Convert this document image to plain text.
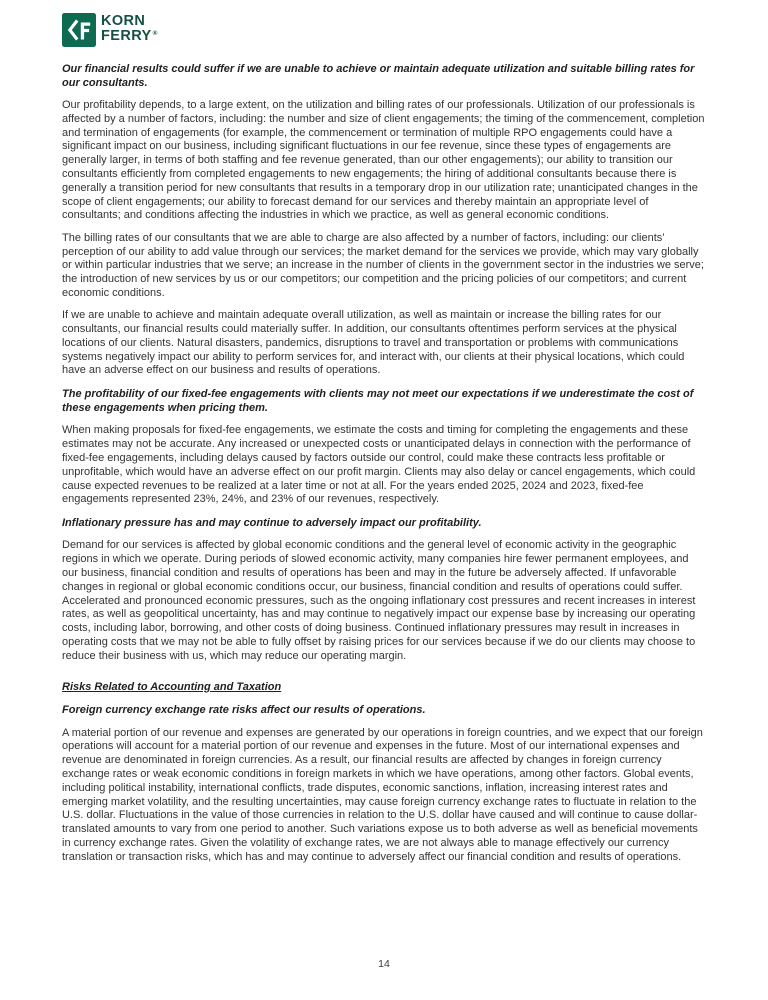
KORN
FERRY®

Our financial results could suffer if we are unable to achieve or maintain adequate utilization and suitable billing rates for our consultants.

Our profitability depends, to a large extent, on the utilization and billing rates of our professionals. Utilization of our professionals is affected by a number of factors, including: the number and size of client engagements; the timing of the commencement, completion and termination of engagements (for example, the commencement or termination of multiple RPO engagements could have a significant impact on our business, including significant fluctuations in our fee revenue, since these types of engagements are generally larger, in terms of both staffing and fee revenue generated, than our other engagements); our ability to transition our consultants efficiently from completed engagements to new engagements; the hiring of additional consultants because there is generally a transition period for new consultants that results in a temporary drop in our utilization rate; unanticipated changes in the scope of client engagements; our ability to forecast demand for our services and thereby maintain an appropriate level of consultants; and conditions affecting the industries in which we practice, as well as general economic conditions.

The billing rates of our consultants that we are able to charge are also affected by a number of factors, including: our clients’ perception of our ability to add value through our services; the market demand for the services we provide, which may vary globally or within particular industries that we serve; an increase in the number of clients in the government sector in the industries we serve; the introduction of new services by us or our competitors; our competition and the pricing policies of our competitors; and current economic conditions.

If we are unable to achieve and maintain adequate overall utilization, as well as maintain or increase the billing rates for our consultants, our financial results could materially suffer. In addition, our consultants oftentimes perform services at the physical locations of our clients. Natural disasters, pandemics, disruptions to travel and transportation or problems with communications systems negatively impact our ability to perform services for, and interact with, our clients at their physical locations, which could have an adverse effect on our business and results of operations.

The profitability of our fixed-fee engagements with clients may not meet our expectations if we underestimate the cost of these engagements when pricing them.

When making proposals for fixed-fee engagements, we estimate the costs and timing for completing the engagements and these estimates may not be accurate. Any increased or unexpected costs or unanticipated delays in connection with the performance of fixed-fee engagements, including delays caused by factors outside our control, could make these contracts less profitable or unprofitable, which would have an adverse effect on our profit margin. Clients may also delay or cancel engagements, which could cause expected revenues to be realized at a later time or not at all. For the years ended 2025, 2024 and 2023, fixed-fee engagements represented 23%, 24%, and 23% of our revenues, respectively.

Inflationary pressure has and may continue to adversely impact our profitability.

Demand for our services is affected by global economic conditions and the general level of economic activity in the geographic regions in which we operate. During periods of slowed economic activity, many companies hire fewer permanent employees, and our business, financial condition and results of operations has been and may in the future be adversely affected. If unfavorable changes in regional or global economic conditions occur, our business, financial condition and results of operations could suffer. Accelerated and pronounced economic pressures, such as the ongoing inflationary cost pressures and recent increases in interest rates, as well as geopolitical uncertainty, has and may continue to negatively impact our expense base by increasing our operating costs, including labor, borrowing, and other costs of doing business. Continued inflationary pressures may result in increases in operating costs that we may not be able to fully offset by raising prices for our services because if we do our clients may choose to reduce their business with us, which may reduce our operating margin.

Risks Related to Accounting and Taxation

Foreign currency exchange rate risks affect our results of operations.

A material portion of our revenue and expenses are generated by our operations in foreign countries, and we expect that our foreign operations will account for a material portion of our revenue and expenses in the future. Most of our international expenses and revenue are denominated in foreign currencies. As a result, our financial results are affected by changes in foreign currency exchange rates or weak economic conditions in foreign markets in which we have operations, among other factors. Global events, including political instability, international conflicts, trade disputes, economic sanctions, inflation, increasing interest rates and emerging market volatility, and the resulting uncertainties, may cause foreign currency exchange rates to fluctuate in relation to the U.S. dollar. Fluctuations in the value of those currencies in relation to the U.S. dollar have caused and will continue to cause dollar-translated amounts to vary from one period to another. Such variations expose us to both adverse as well as beneficial movements in currency exchange rates. Given the volatility of exchange rates, we are not always able to manage effectively our currency translation or transaction risks, which has and may continue to adversely affect our financial condition and results of operations.

14
